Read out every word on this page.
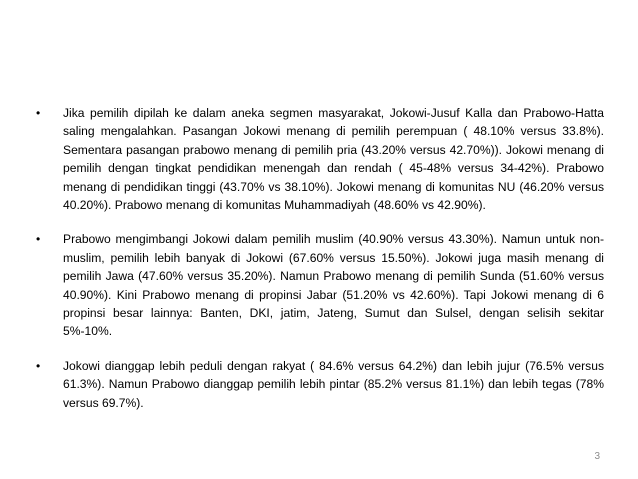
• Jika pemilih dipilah ke dalam aneka segmen masyarakat, Jokowi-Jusuf Kalla dan Prabowo-Hatta saling mengalahkan. Pasangan Jokowi menang di pemilih perempuan ( 48.10% versus 33.8%). Sementara pasangan prabowo menang di pemilih pria (43.20% versus 42.70%)). Jokowi menang di pemilih dengan tingkat pendidikan menengah dan rendah ( 45-48% versus 34-42%). Prabowo menang di pendidikan tinggi (43.70% vs 38.10%). Jokowi menang di komunitas NU (46.20% versus 40.20%). Prabowo menang di komunitas Muhammadiyah (48.60% vs 42.90%).
• Prabowo mengimbangi Jokowi dalam pemilih muslim (40.90% versus 43.30%). Namun untuk non-muslim, pemilih lebih banyak di Jokowi (67.60% versus 15.50%). Jokowi juga masih menang di pemilih Jawa (47.60% versus 35.20%). Namun Prabowo menang di pemilih Sunda (51.60% versus 40.90%). Kini Prabowo menang di propinsi Jabar (51.20% vs 42.60%). Tapi Jokowi menang di 6 propinsi besar lainnya: Banten, DKI, jatim, Jateng, Sumut dan Sulsel, dengan selisih sekitar 5%-10%.
• Jokowi dianggap lebih peduli dengan rakyat ( 84.6% versus 64.2%) dan lebih jujur (76.5% versus 61.3%). Namun Prabowo dianggap pemilih lebih pintar (85.2% versus 81.1%) dan lebih tegas (78% versus 69.7%).
3
